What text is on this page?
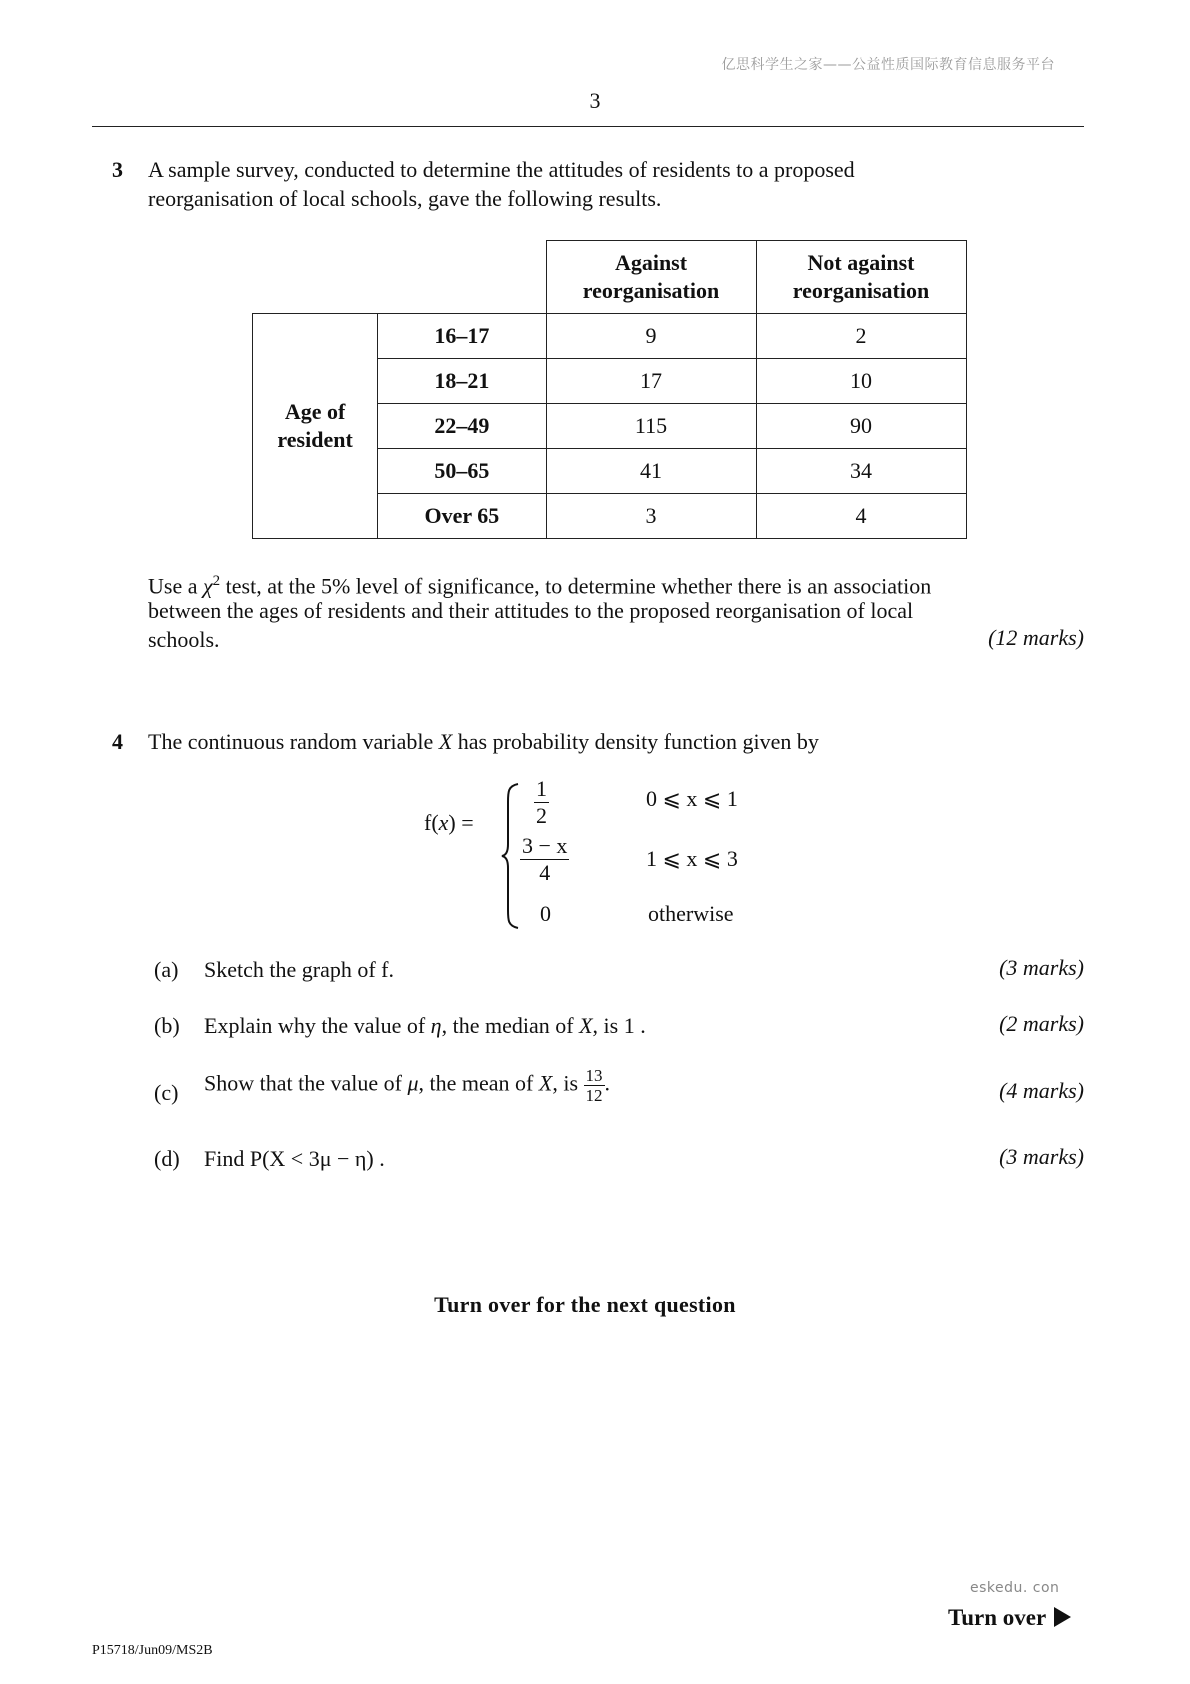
亿思科学生之家——公益性质国际教育信息服务平台
3
3 A sample survey, conducted to determine the attitudes of residents to a proposed
reorganisation of local schools, gave the following results.
		Against
reorganisation	Not against
reorganisation
Age of
resident	16–17	9	2
	18–21	17	10
	22–49	115	90
	50–65	41	34
	Over 65	3	4
Use a $\chi^2$ test, at the 5% level of significance, to determine whether there is an association
between the ages of residents and their attitudes to the proposed reorganisation of local
schools.	(12 marks)
4 The continuous random variable X has probability density function given by
f(x) =	$\frac{1}{2}$	0 ⩽ x ⩽ 1
$\frac{3 - x}{4}$	1 ⩽ x ⩽ 3
0	otherwise
(a) Sketch the graph of f.	(3 marks)
(b) Explain why the value of η, the median of X, is 1 .	(2 marks)
(c) Show that the value of μ, the mean of X, is $\frac{13}{12}$ .	(4 marks)
(d) Find P(X < 3μ − η) .	(3 marks)
Turn over for the next question
eskedu. con
Turn over
P15718/Jun09/MS2B
